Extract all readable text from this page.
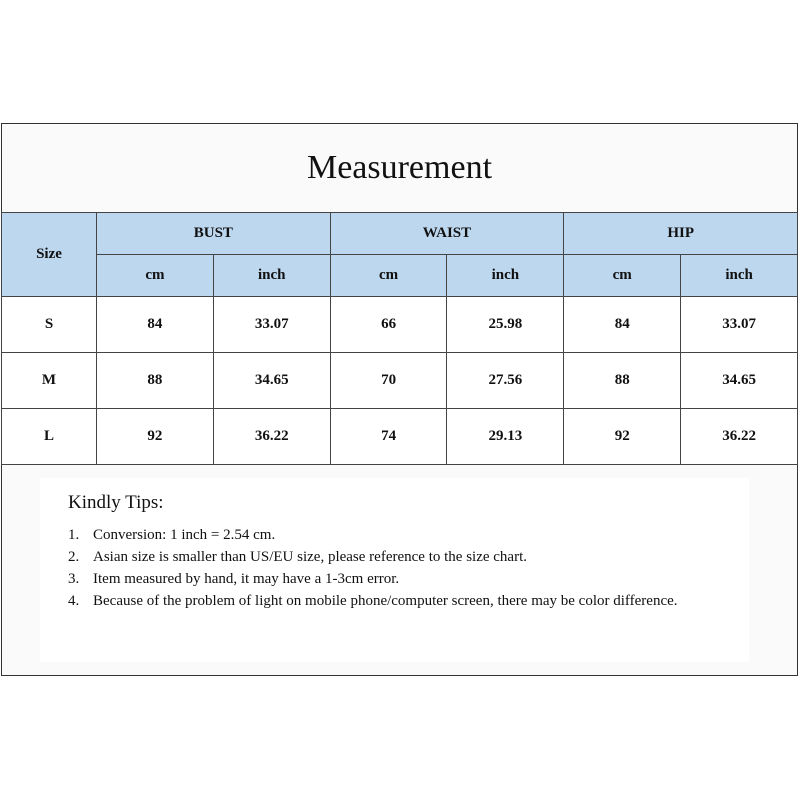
Measurement
Size	BUST		WAIST		HIP	
	cm	inch	cm	inch	cm	inch
S	84	33.07	66	25.98	84	33.07
M	88	34.65	70	27.56	88	34.65
L	92	36.22	74	29.13	92	36.22
Kindly Tips:
1. Conversion: 1 inch = 2.54 cm.
2. Asian size is smaller than US/EU size, please reference to the size chart.
3. Item measured by hand, it may have a 1-3cm error.
4. Because of the problem of light on mobile phone/computer screen, there may be color difference.
